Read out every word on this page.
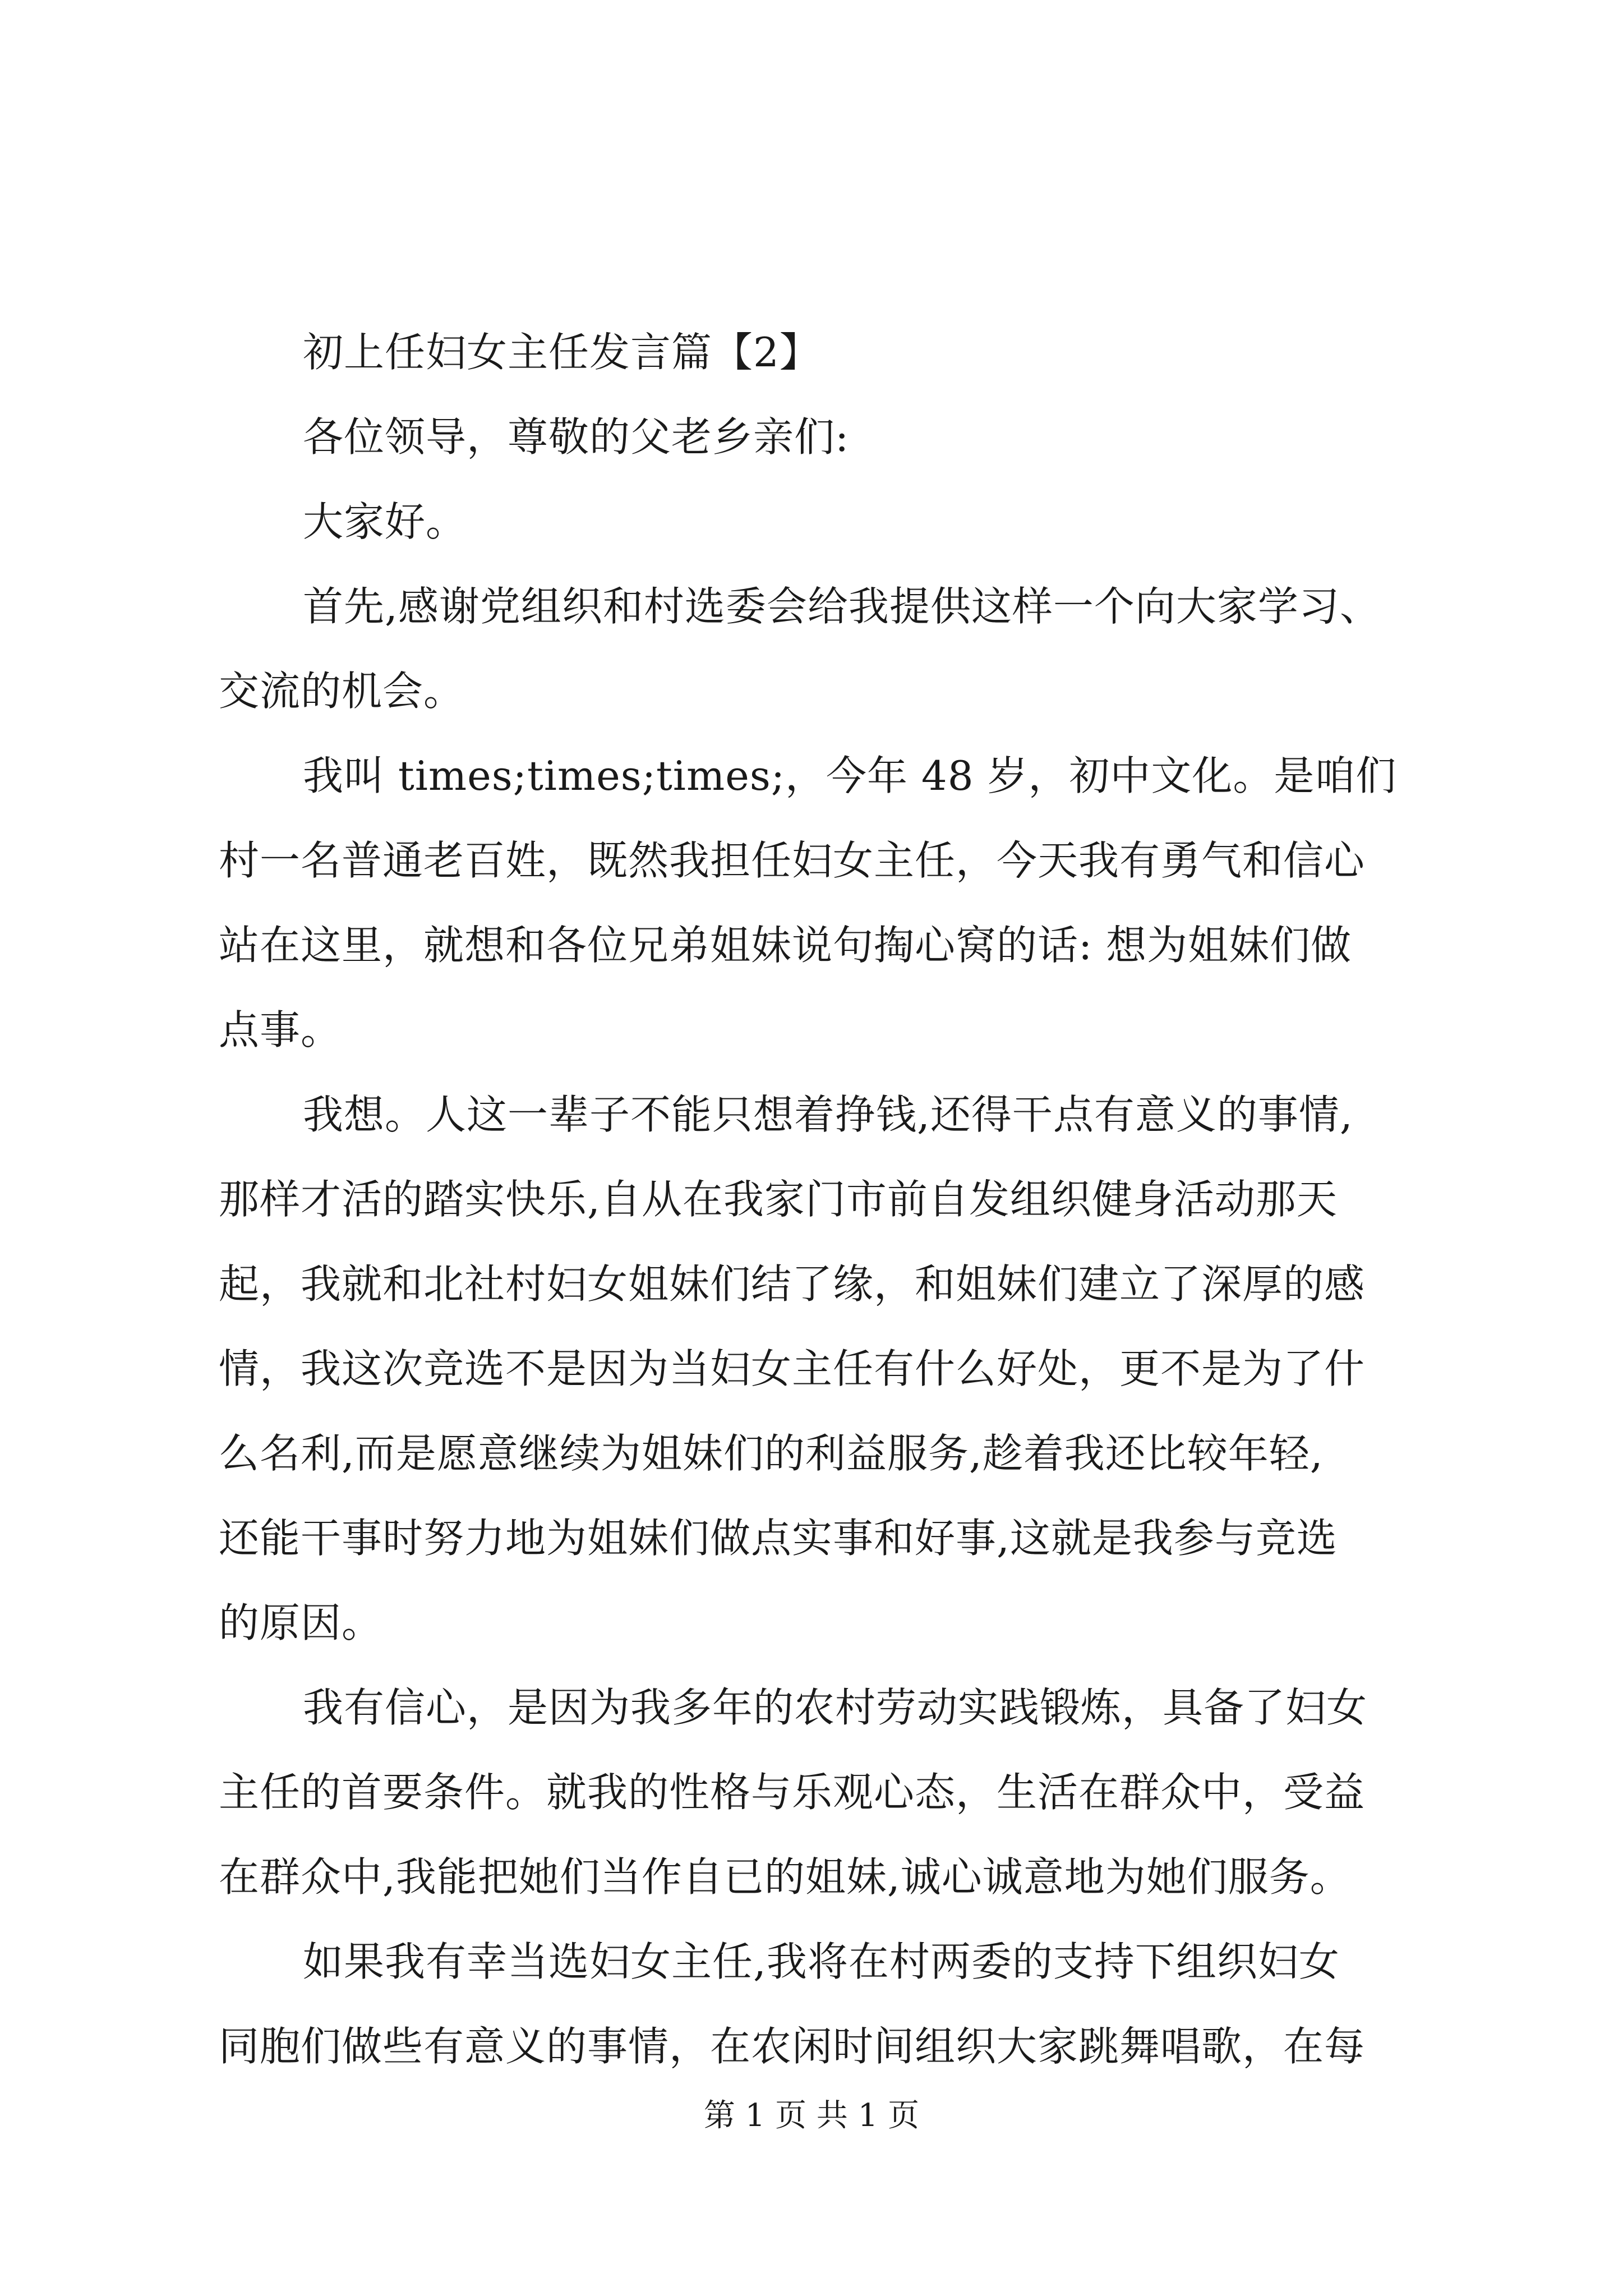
初上任妇女主任发言篇【2】
各位领导，尊敬的父老乡亲们:
大家好。
首先,感谢党组织和村选委会给我提供这样一个向大家学习、
交流的机会。
我叫 times;times;times;，今年 48 岁，初中文化。是咱们
村一名普通老百姓，既然我担任妇女主任，今天我有勇气和信心
站在这里，就想和各位兄弟姐妹说句掏心窝的话: 想为姐妹们做
点事。
我想。人这一辈子不能只想着挣钱,还得干点有意义的事情,
那样才活的踏实快乐,自从在我家门市前自发组织健身活动那天
起，我就和北社村妇女姐妹们结了缘，和姐妹们建立了深厚的感
情，我这次竞选不是因为当妇女主任有什么好处，更不是为了什
么名利,而是愿意继续为姐妹们的利益服务,趁着我还比较年轻,
还能干事时努力地为姐妹们做点实事和好事,这就是我参与竞选
的原因。
我有信心，是因为我多年的农村劳动实践锻炼，具备了妇女
主任的首要条件。就我的性格与乐观心态，生活在群众中，受益
在群众中,我能把她们当作自已的姐妹,诚心诚意地为她们服务。
如果我有幸当选妇女主任,我将在村两委的支持下组织妇女
同胞们做些有意义的事情，在农闲时间组织大家跳舞唱歌，在每
第 1 页 共 1 页
